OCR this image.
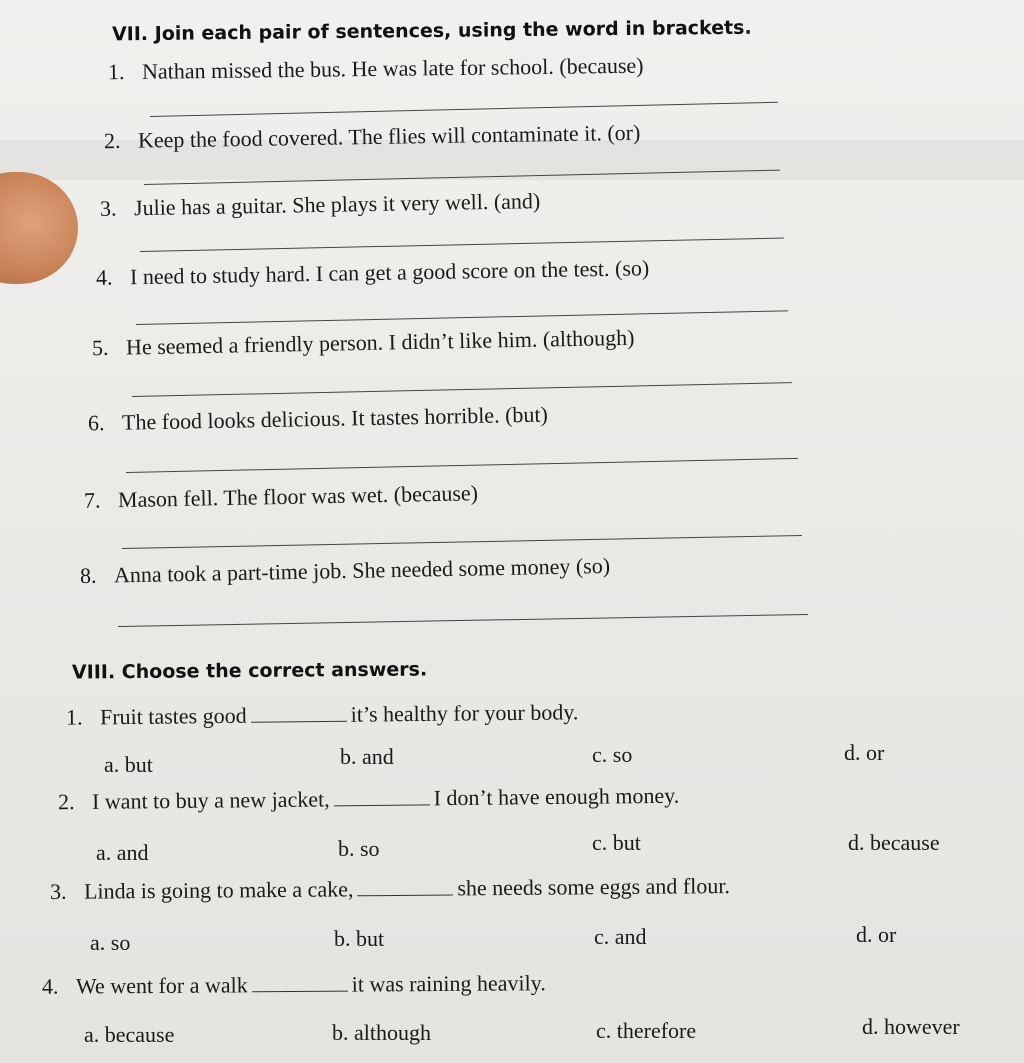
VII. Join each pair of sentences, using the word in brackets.
1. Nathan missed the bus. He was late for school. (because)
2. Keep the food covered. The flies will contaminate it. (or)
3. Julie has a guitar. She plays it very well. (and)
4. I need to study hard. I can get a good score on the test. (so)
5. He seemed a friendly person. I didn’t like him. (although)
6. The food looks delicious. It tastes horrible. (but)
7. Mason fell. The floor was wet. (because)
8. Anna took a part-time job. She needed some money (so)
VIII. Choose the correct answers.
1. Fruit tastes good	it’s healthy for your body.
a. but	b. and	c. so	d. or
2. I want to buy a new jacket,	I don’t have enough money.
a. and	b. so	c. but	d. because
3. Linda is going to make a cake,	she needs some eggs and flour.
a. so	b. but	c. and	d. or
4. We went for a walk	it was raining heavily.
a. because	b. although	c. therefore	d. however
